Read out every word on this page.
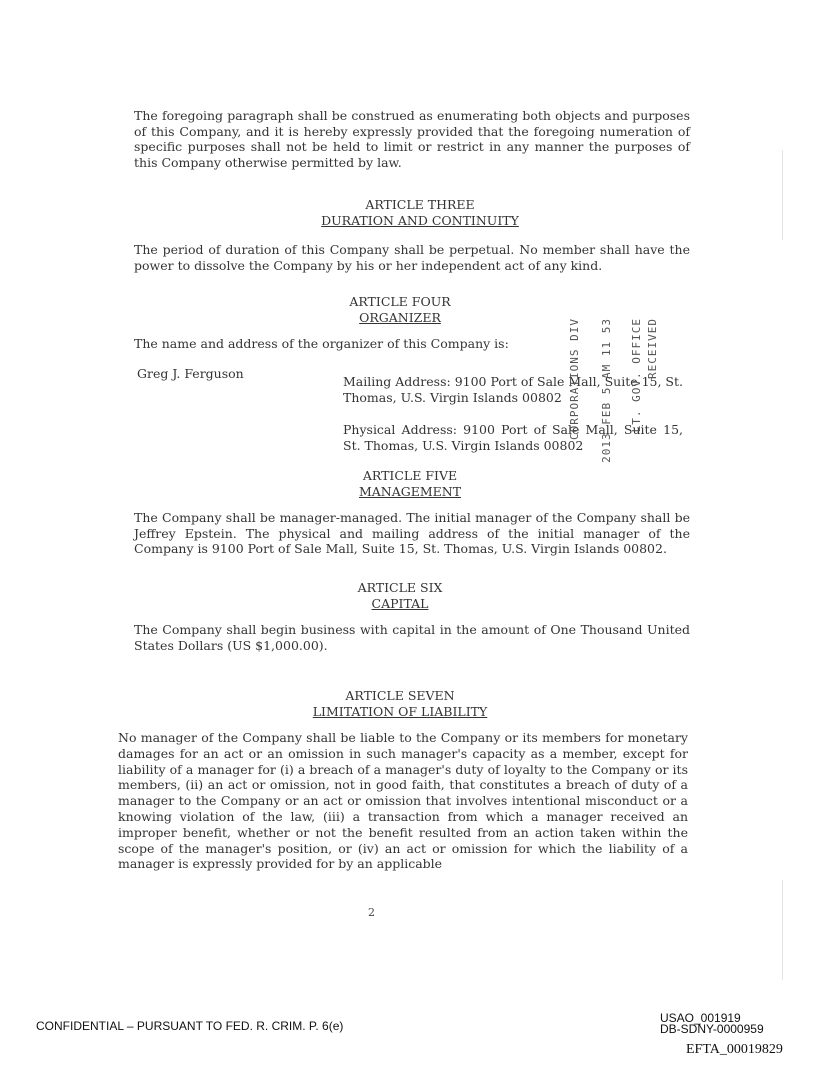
The foregoing paragraph shall be construed as enumerating both objects and purposes of this Company, and it is hereby expressly provided that the foregoing numeration of specific purposes shall not be held to limit or restrict in any manner the purposes of this Company otherwise permitted by law.
ARTICLE THREE
DURATION AND CONTINUITY
The period of duration of this Company shall be perpetual. No member shall have the power to dissolve the Company by his or her independent act of any kind.
ARTICLE FOUR
ORGANIZER
The name and address of the organizer of this Company is:
Greg J. Ferguson
Mailing Address: 9100 Port of Sale Mall, Suite 15, St. Thomas, U.S. Virgin Islands 00802
Physical Address: 9100 Port of Sale Mall, Suite 15, St. Thomas, U.S. Virgin Islands 00802
RECEIVED
LT. GOV. OFFICE
2013 FEB 5 AM 11 53
CORPORATIONS DIV
ARTICLE FIVE
MANAGEMENT
The Company shall be manager-managed. The initial manager of the Company shall be Jeffrey Epstein. The physical and mailing address of the initial manager of the Company is 9100 Port of Sale Mall, Suite 15, St. Thomas, U.S. Virgin Islands 00802.
ARTICLE SIX
CAPITAL
The Company shall begin business with capital in the amount of One Thousand United States Dollars (US $1,000.00).
ARTICLE SEVEN
LIMITATION OF LIABILITY
No manager of the Company shall be liable to the Company or its members for monetary damages for an act or an omission in such manager's capacity as a member, except for liability of a manager for (i) a breach of a manager's duty of loyalty to the Company or its members, (ii) an act or omission, not in good faith, that constitutes a breach of duty of a manager to the Company or an act or omission that involves intentional misconduct or a knowing violation of the law, (iii) a transaction from which a manager received an improper benefit, whether or not the benefit resulted from an action taken within the scope of the manager's position, or (iv) an act or omission for which the liability of a manager is expressly provided for by an applicable
2
CONFIDENTIAL – PURSUANT TO FED. R. CRIM. P. 6(e)
USAO_001919
DB-SDNY-0000959
EFTA_00019829
